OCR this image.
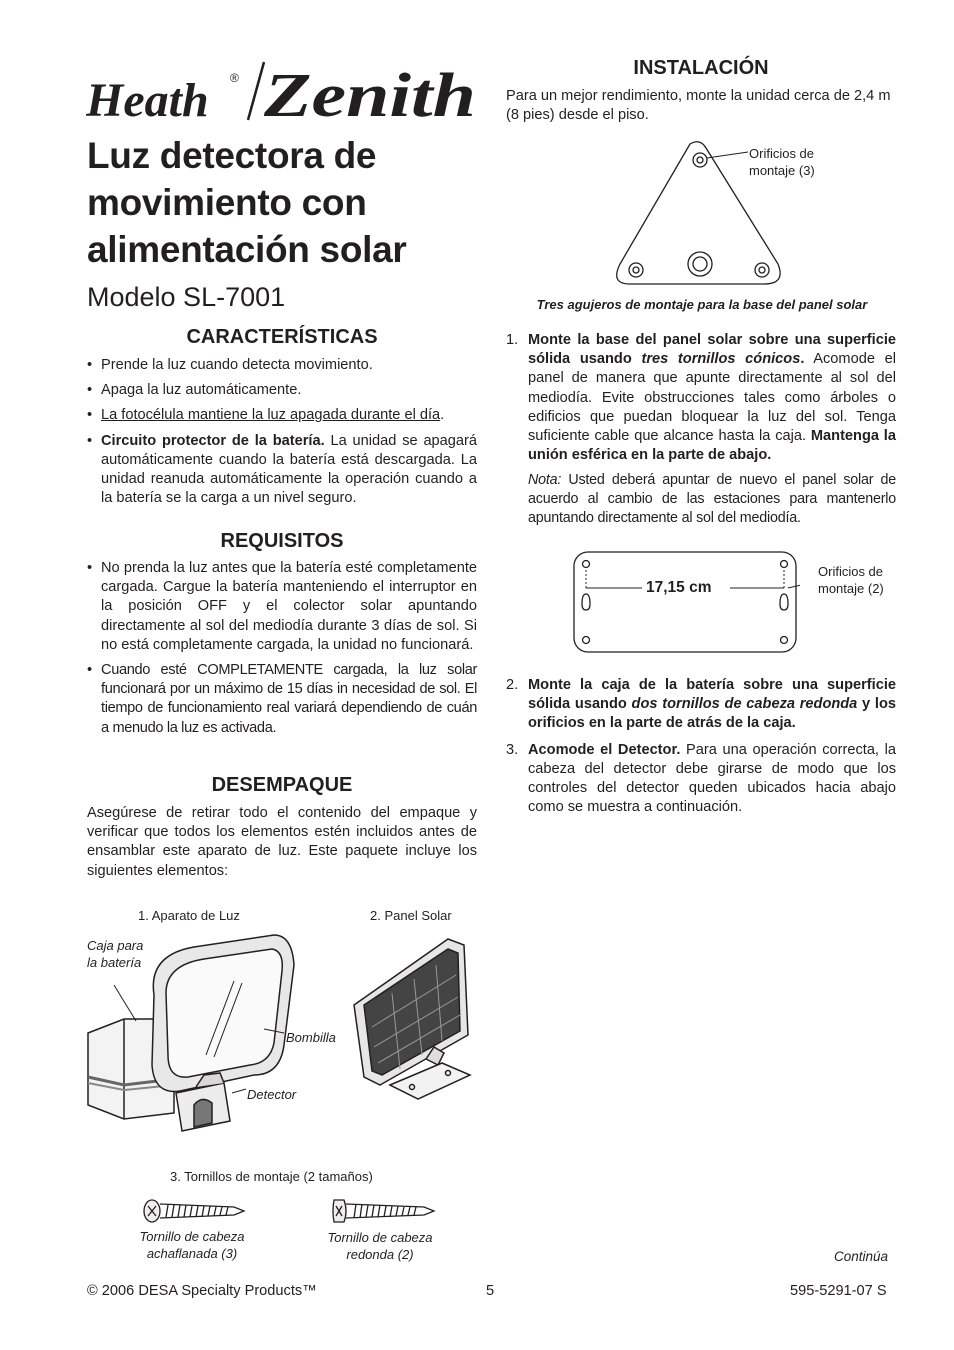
Heath ® Zenith
Luz detectora de movimiento con alimentación solar
Modelo SL-7001
CARACTERÍSTICAS
• Prende la luz cuando detecta movimiento.
• Apaga la luz automáticamente.
• La fotocélula mantiene la luz apagada durante el día.
• Circuito protector de la batería. La unidad se apagará automáticamente cuando la batería está descargada. La unidad reanuda automáticamente la operación cuando a la batería se la carga a un nivel seguro.
REQUISITOS
• No prenda la luz antes que la batería esté completamente cargada. Cargue la batería manteniendo el interruptor en la posición OFF y el colector solar apuntando directamente al sol del mediodía durante 3 días de sol. Si no está completamente cargada, la unidad no funcionará.
• Cuando esté COMPLETAMENTE cargada, la luz solar funcionará por un máximo de 15 días in necesidad de sol. El tiempo de funcionamiento real variará dependiendo de cuán a menudo la luz es activada.
DESEMPAQUE
Asegúrese de retirar todo el contenido del empaque y verificar que todos los elementos estén incluidos antes de ensamblar este aparato de luz. Este paquete incluye los siguientes elementos:
1. Aparato de Luz	2. Panel Solar
Caja para la batería
Bombilla
Detector
3. Tornillos de montaje (2 tamaños)
Tornillo de cabeza achaflanada (3)
Tornillo de cabeza redonda (2)
INSTALACIÓN
Para un mejor rendimiento, monte la unidad cerca de 2,4 m (8 pies) desde el piso.
Orificios de montaje (3)
Tres agujeros de montaje para la base del panel solar
1. Monte la base del panel solar sobre una superficie sólida usando tres tornillos cónicos. Acomode el panel de manera que apunte directamente al sol del mediodía. Evite obstrucciones tales como árboles o edificios que puedan bloquear la luz del sol. Tenga suficiente cable que alcance hasta la caja. Mantenga la unión esférica en la parte de abajo.
Nota: Usted deberá apuntar de nuevo el panel solar de acuerdo al cambio de las estaciones para mantenerlo apuntando directamente al sol del mediodía.
17,15 cm
Orificios de montaje (2)
2. Monte la caja de la batería sobre una superficie sólida usando dos tornillos de cabeza redonda y los orificios en la parte de atrás de la caja.
3. Acomode el Detector. Para una operación correcta, la cabeza del detector debe girarse de modo que los controles del detector queden ubicados hacia abajo como se muestra a continuación.
Continúa
© 2006 DESA Specialty Products™	5	595-5291-07 S
